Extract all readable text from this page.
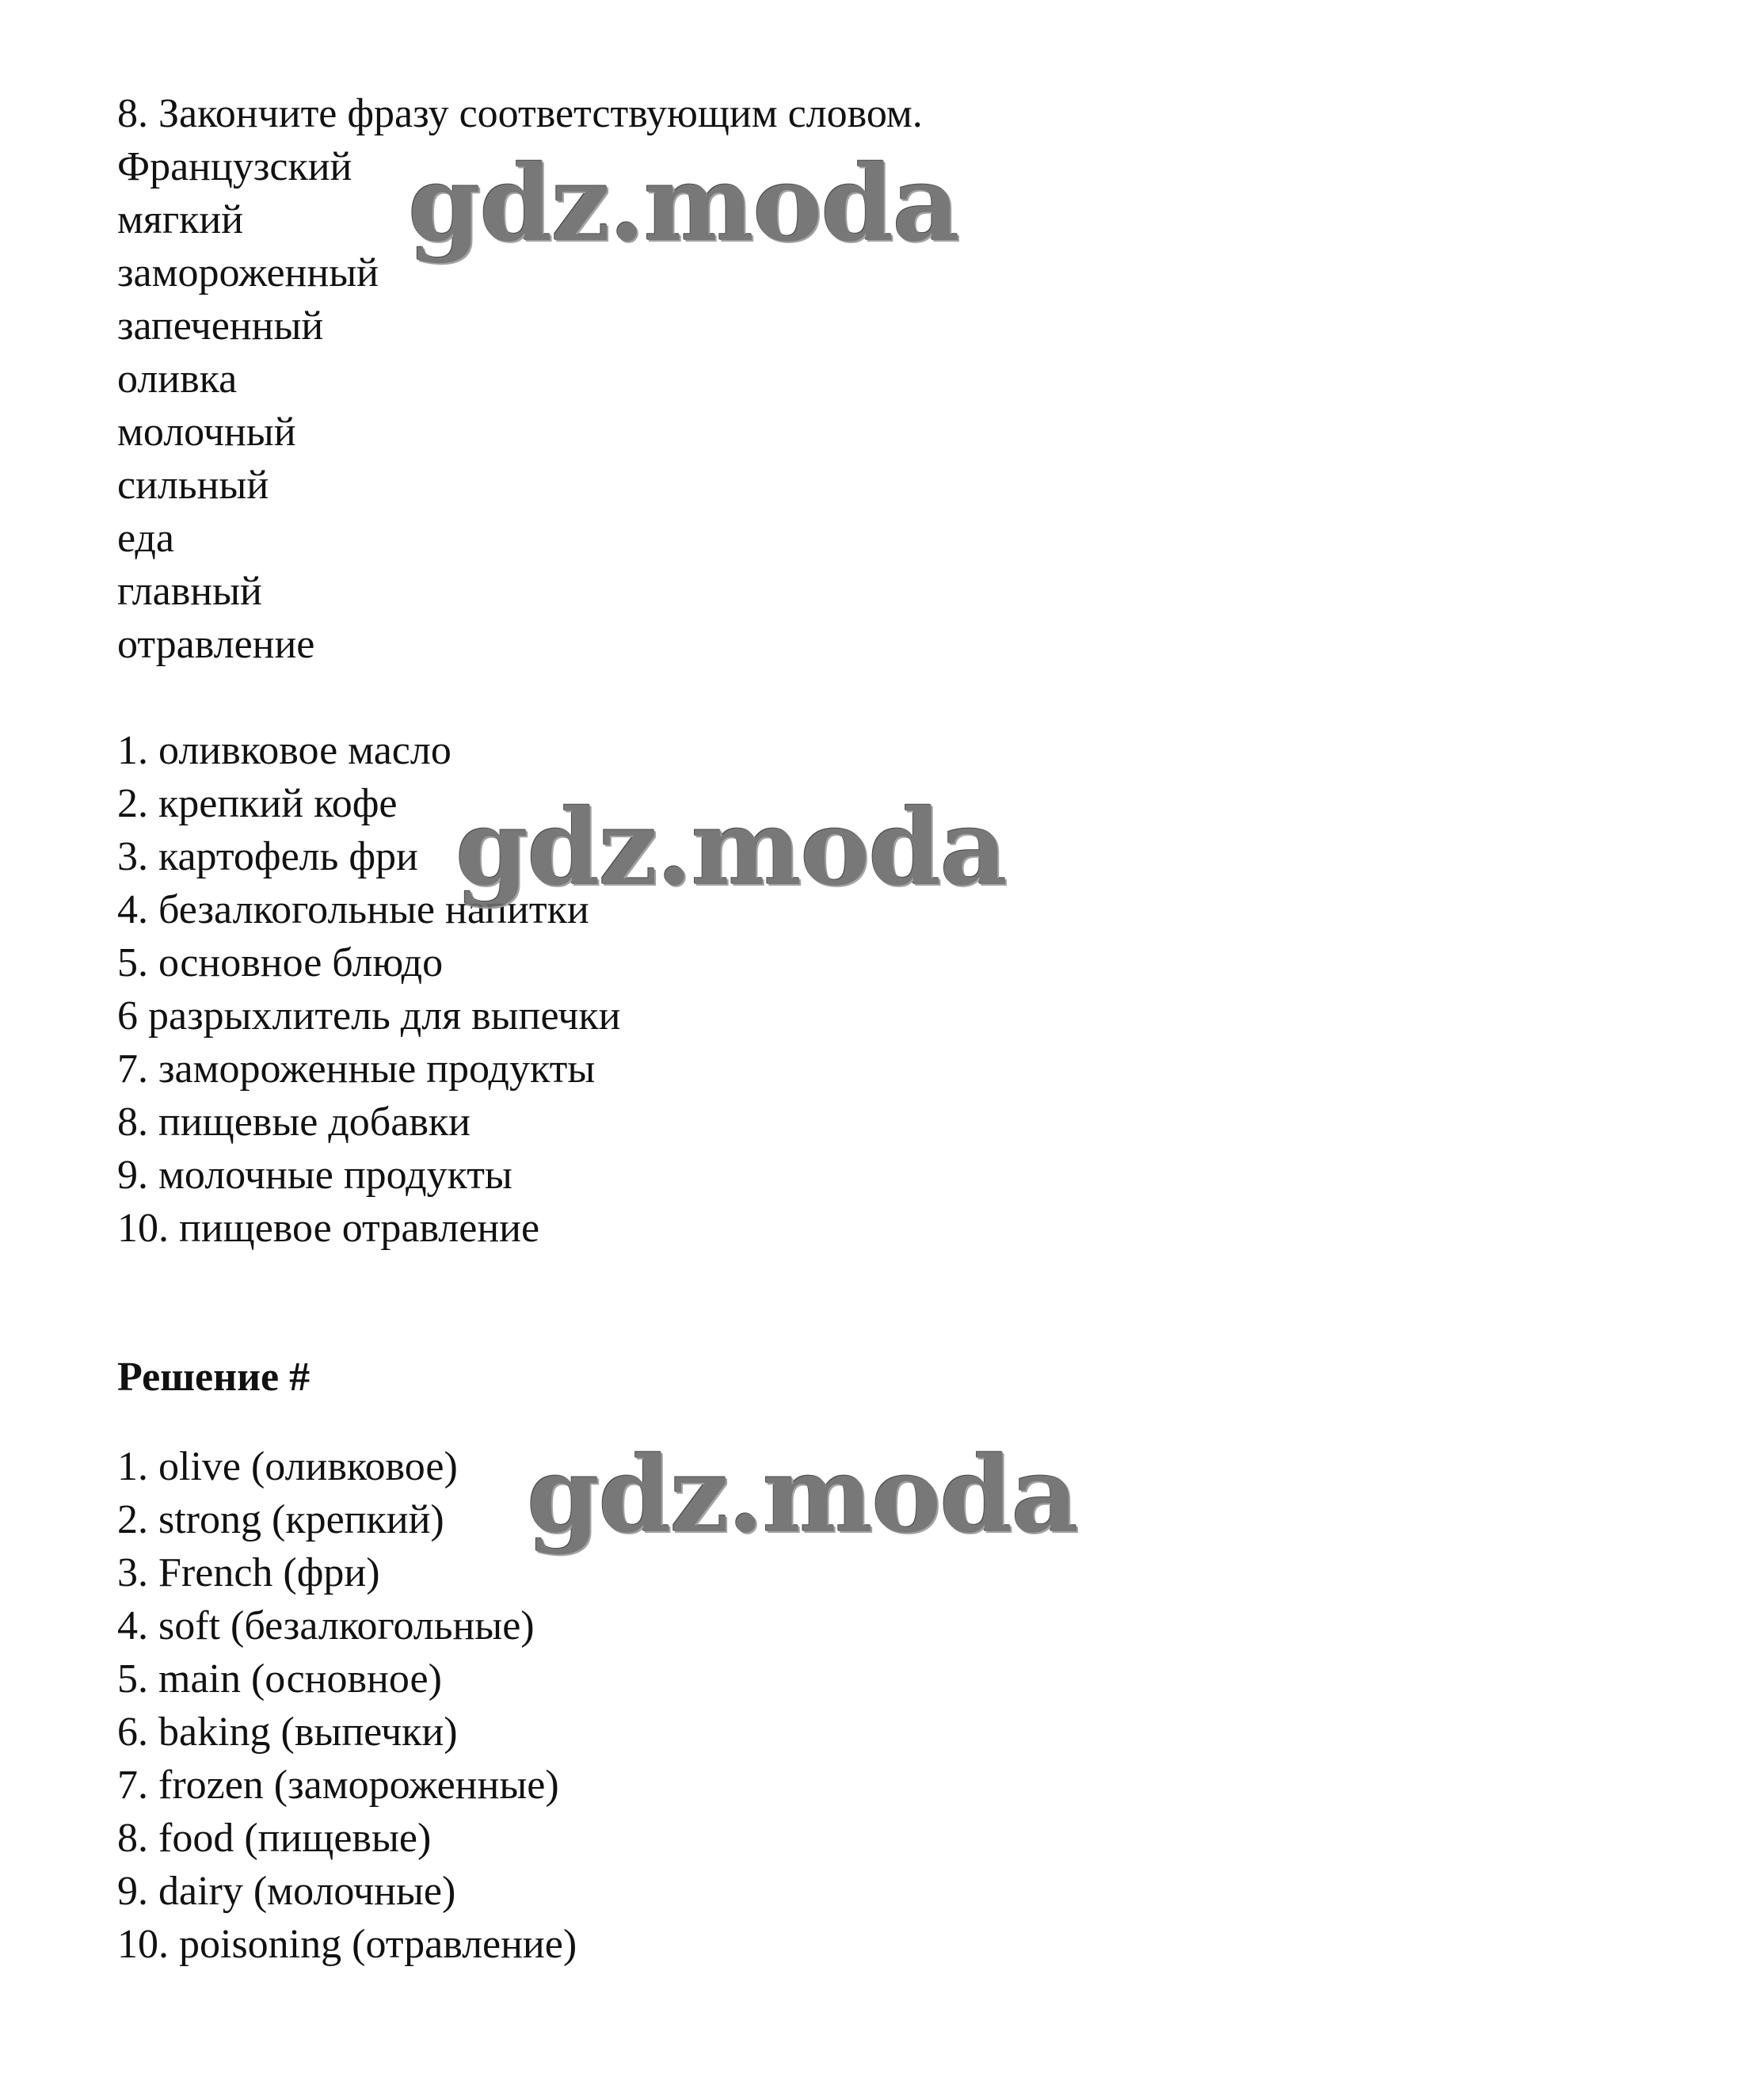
8. Закончите фразу соответствующим словом.
Французский
мягкий
замороженный
запеченный
оливка
молочный
сильный
еда
главный
отравление
1. оливковое масло
2. крепкий кофе
3. картофель фри
4. безалкогольные напитки
5. основное блюдо
6 разрыхлитель для выпечки
7. замороженные продукты
8. пищевые добавки
9. молочные продукты
10. пищевое отравление
Решение #
1. olive (оливковое)
2. strong (крепкий)
3. French (фри)
4. soft (безалкогольные)
5. main (основное)
6. baking (выпечки)
7. frozen (замороженные)
8. food (пищевые)
9. dairy (молочные)
10. poisoning (отравление)
gdz.moda
gdz.moda
gdz.moda
